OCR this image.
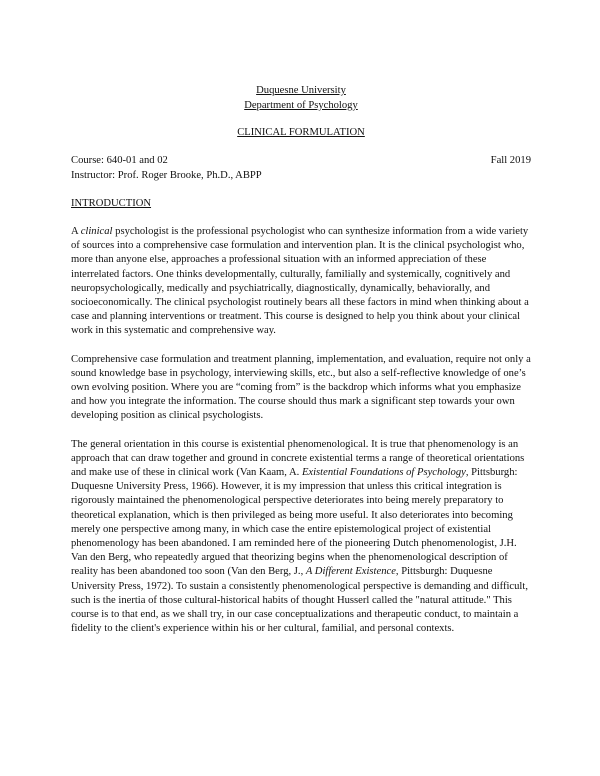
Duquesne University
Department of Psychology
CLINICAL FORMULATION
Course: 640-01 and 02	Fall 2019
Instructor: Prof. Roger Brooke, Ph.D., ABPP
INTRODUCTION

A clinical psychologist is the professional psychologist who can synthesize information from a wide variety of sources into a comprehensive case formulation and intervention plan. It is the clinical psychologist who, more than anyone else, approaches a professional situation with an informed appreciation of these interrelated factors. One thinks developmentally, culturally, familially and systemically, cognitively and neuropsychologically, medically and psychiatrically, diagnostically, dynamically, behaviorally, and socioeconomically. The clinical psychologist routinely bears all these factors in mind when thinking about a case and planning interventions or treatment. This course is designed to help you think about your clinical work in this systematic and comprehensive way.

Comprehensive case formulation and treatment planning, implementation, and evaluation, require not only a sound knowledge base in psychology, interviewing skills, etc., but also a self-reflective knowledge of one’s own evolving position. Where you are “coming from” is the backdrop which informs what you emphasize and how you integrate the information. The course should thus mark a significant step towards your own developing position as clinical psychologists.

The general orientation in this course is existential phenomenological. It is true that phenomenology is an approach that can draw together and ground in concrete existential terms a range of theoretical orientations and make use of these in clinical work (Van Kaam, A. Existential Foundations of Psychology, Pittsburgh: Duquesne University Press, 1966). However, it is my impression that unless this critical integration is rigorously maintained the phenomenological perspective deteriorates into being merely preparatory to theoretical explanation, which is then privileged as being more useful. It also deteriorates into becoming merely one perspective among many, in which case the entire epistemological project of existential phenomenology has been abandoned. I am reminded here of the pioneering Dutch phenomenologist, J.H. Van den Berg, who repeatedly argued that theorizing begins when the phenomenological description of reality has been abandoned too soon (Van den Berg, J., A Different Existence, Pittsburgh: Duquesne University Press, 1972). To sustain a consistently phenomenological perspective is demanding and difficult, such is the inertia of those cultural-historical habits of thought Husserl called the "natural attitude." This course is to that end, as we shall try, in our case conceptualizations and therapeutic conduct, to maintain a fidelity to the client's experience within his or her cultural, familial, and personal contexts.
